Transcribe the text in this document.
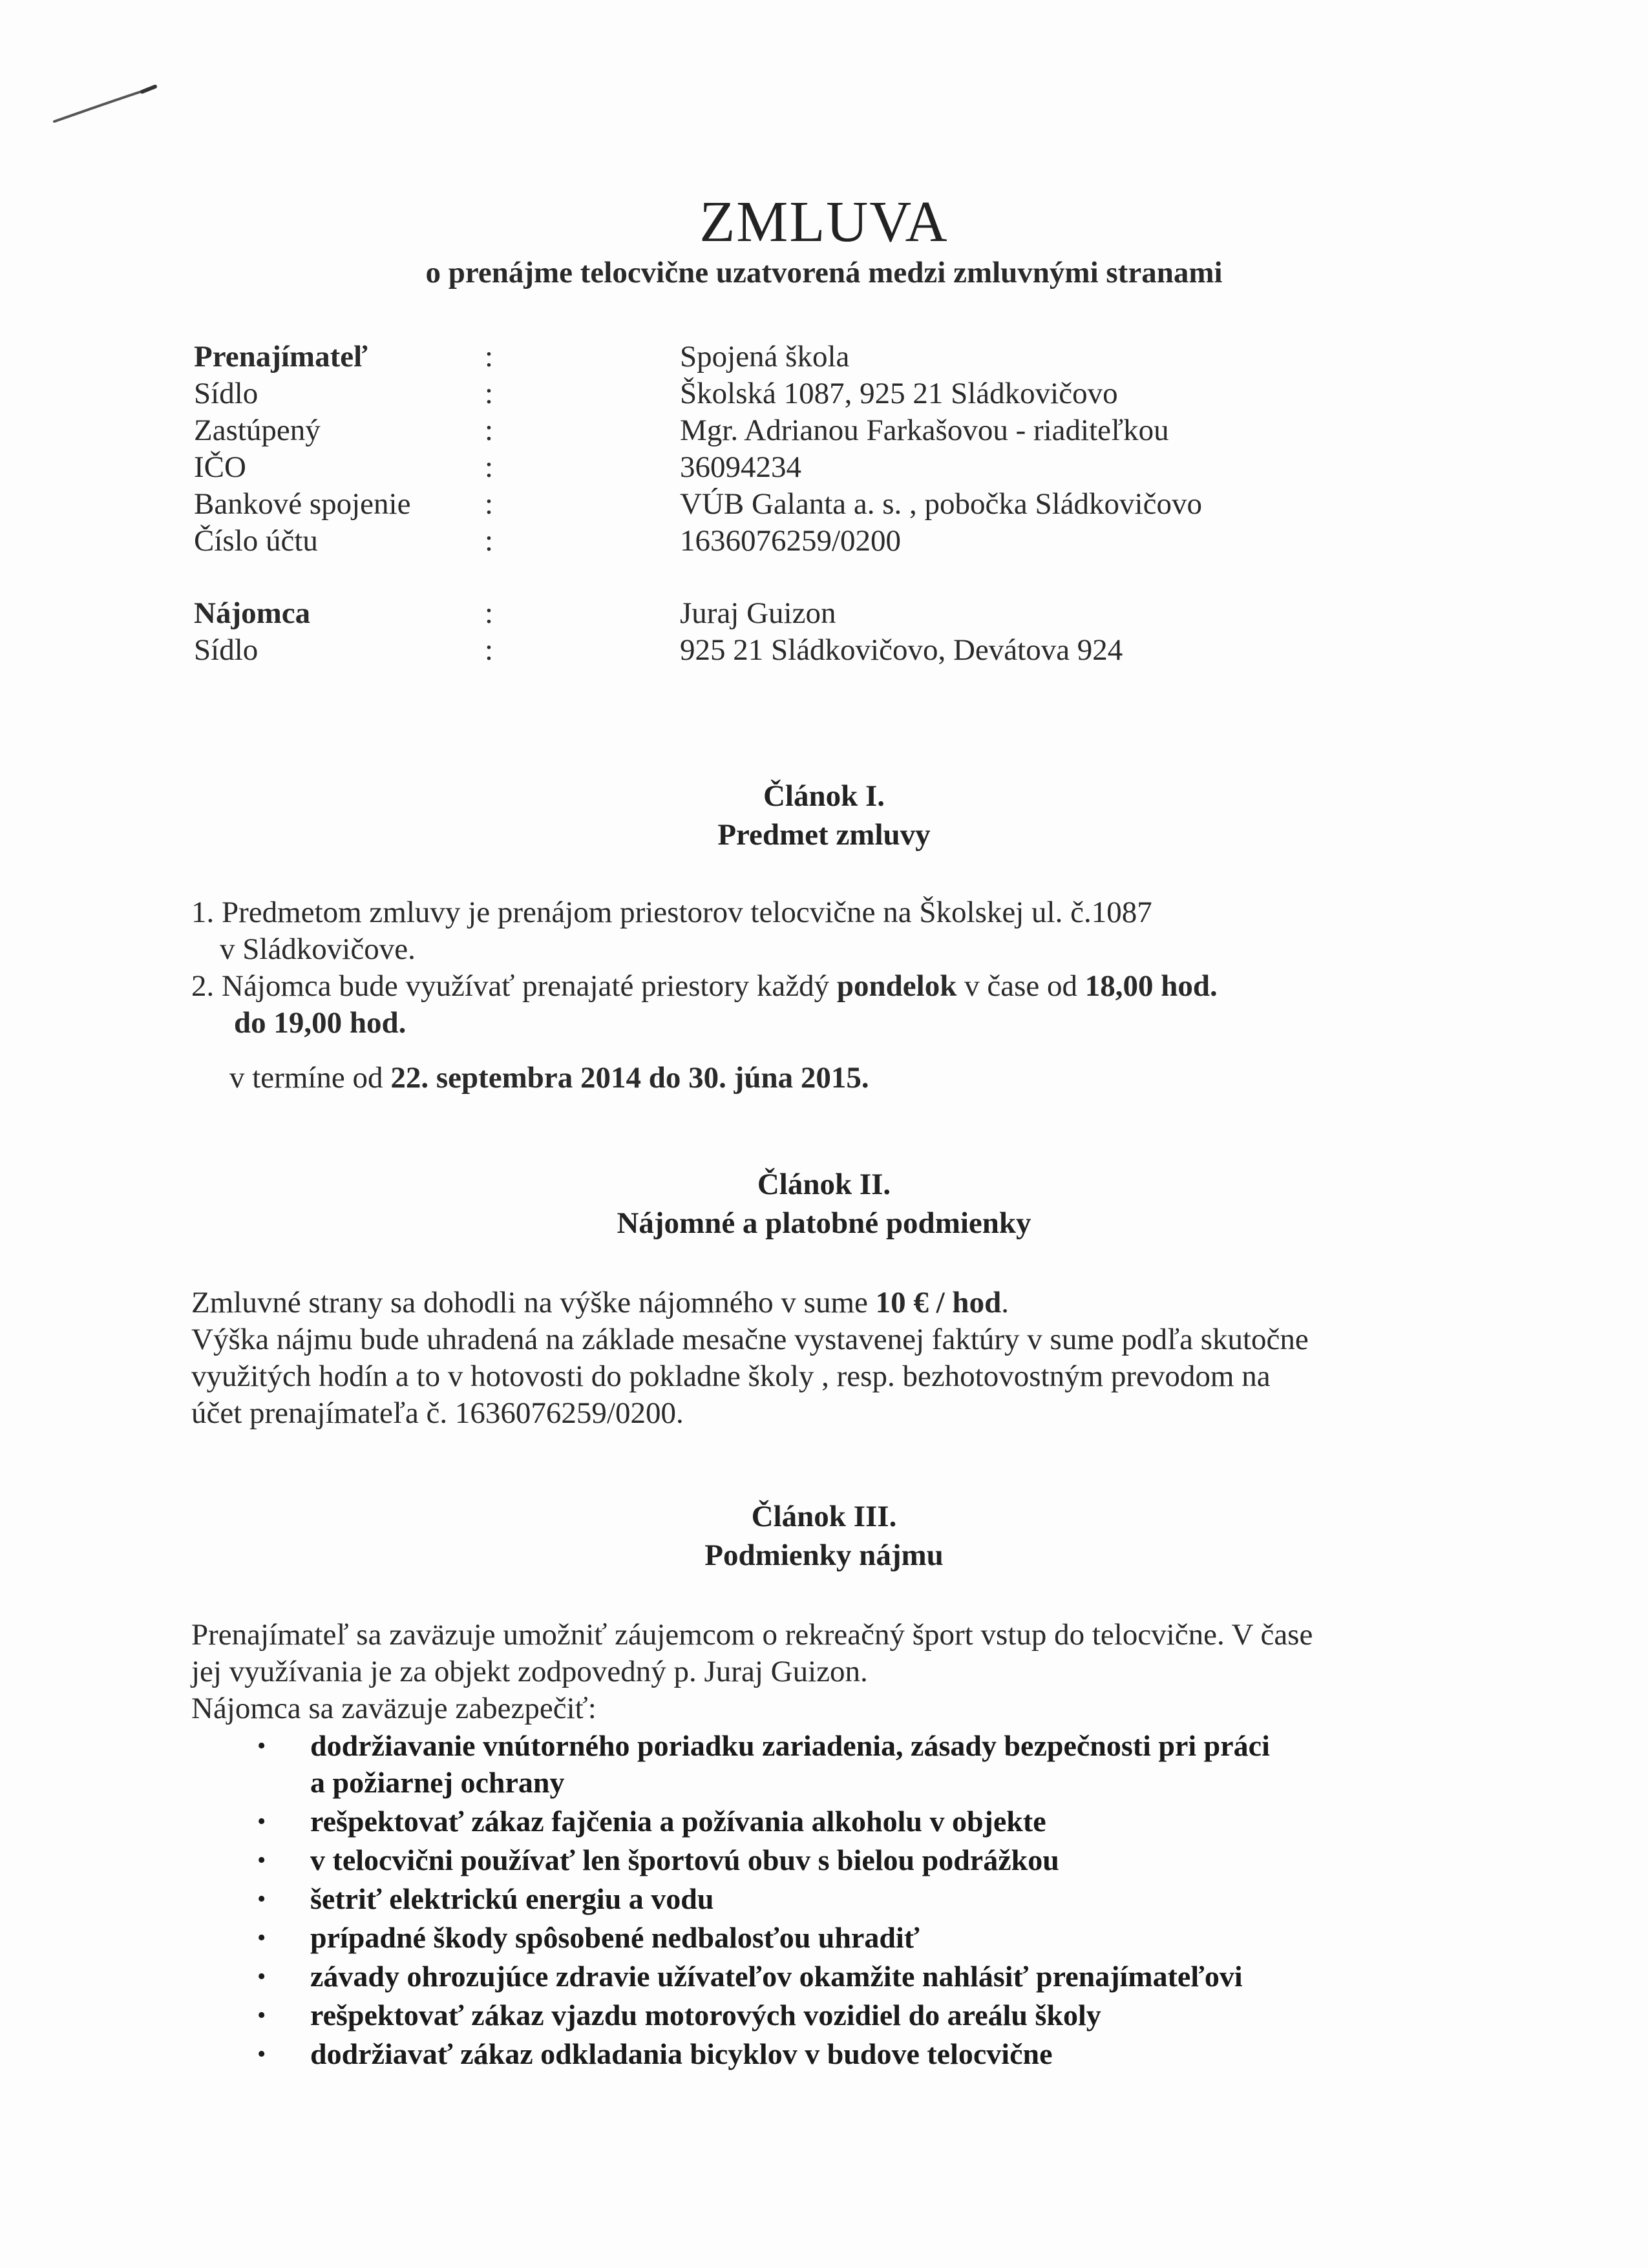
ZMLUVA
o prenájme telocvične uzatvorená medzi zmluvnými stranami
Prenajímateľ	:	Spojená škola
Sídlo	:	Školská 1087, 925 21 Sládkovičovo
Zastúpený	:	Mgr. Adrianou Farkašovou - riaditeľkou
IČO	:	36094234
Bankové spojenie :	VÚB Galanta a. s. , pobočka Sládkovičovo
Číslo účtu	:	1636076259/0200
Nájomca	:	Juraj Guizon
Sídlo	:	925 21 Sládkovičovo, Devátova 924
Článok I.
Predmet zmluvy
1. Predmetom zmluvy je prenájom priestorov telocvične na Školskej ul. č.1087
v Sládkovičove.
2. Nájomca bude využívať prenajaté priestory každý pondelok v čase od 18,00 hod.
do 19,00 hod.
v termíne od 22. septembra 2014 do 30. júna 2015.
Článok II.
Nájomné a platobné podmienky
Zmluvné strany sa dohodli na výške nájomného v sume 10 € / hod.
Výška nájmu bude uhradená na základe mesačne vystavenej faktúry v sume podľa skutočne
využitých hodín a to v hotovosti do pokladne školy , resp. bezhotovostným prevodom na
účet prenajímateľa č. 1636076259/0200.
Článok III.
Podmienky nájmu
Prenajímateľ sa zaväzuje umožniť záujemcom o rekreačný šport vstup do telocvične. V čase
jej využívania je za objekt zodpovedný p. Juraj Guizon.
Nájomca sa zaväzuje zabezpečiť:
• dodržiavanie vnútorného poriadku zariadenia, zásady bezpečnosti pri práci
a požiarnej ochrany
• rešpektovať zákaz fajčenia a požívania alkoholu v objekte
• v telocvični používať len športovú obuv s bielou podrážkou
• šetriť elektrickú energiu a vodu
• prípadné škody spôsobené nedbalosťou uhradiť
• závady ohrozujúce zdravie užívateľov okamžite nahlásiť prenajímateľovi
• rešpektovať zákaz vjazdu motorových vozidiel do areálu školy
• dodržiavať zákaz odkladania bicyklov v budove telocvične
